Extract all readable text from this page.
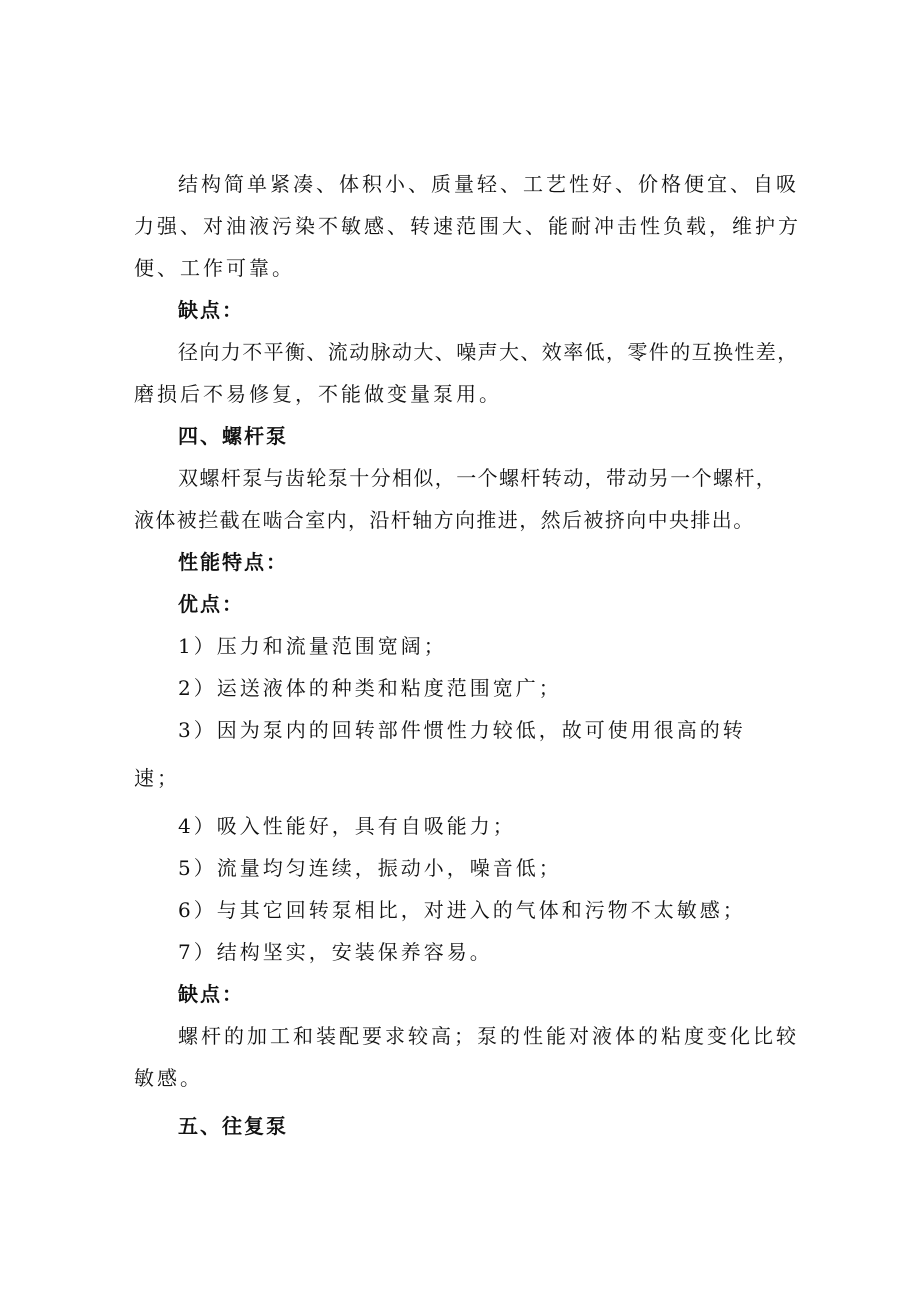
结构简单紧凑、体积小、质量轻、工艺性好、价格便宜、自吸
力强、对油液污染不敏感、转速范围大、能耐冲击性负载，维护方
便、工作可靠。
缺点：
径向力不平衡、流动脉动大、噪声大、效率低，零件的互换性差，
磨损后不易修复，不能做变量泵用。
四、螺杆泵
双螺杆泵与齿轮泵十分相似，一个螺杆转动，带动另一个螺杆，
液体被拦截在啮合室内，沿杆轴方向推进，然后被挤向中央排出。
性能特点：
优点：
1）压力和流量范围宽阔；
2）运送液体的种类和粘度范围宽广；
3）因为泵内的回转部件惯性力较低，故可使用很高的转
速；
4）吸入性能好，具有自吸能力；
5）流量均匀连续，振动小，噪音低；
6）与其它回转泵相比，对进入的气体和污物不太敏感；
7）结构坚实，安装保养容易。
缺点：
螺杆的加工和装配要求较高；泵的性能对液体的粘度变化比较
敏感。
五、往复泵
